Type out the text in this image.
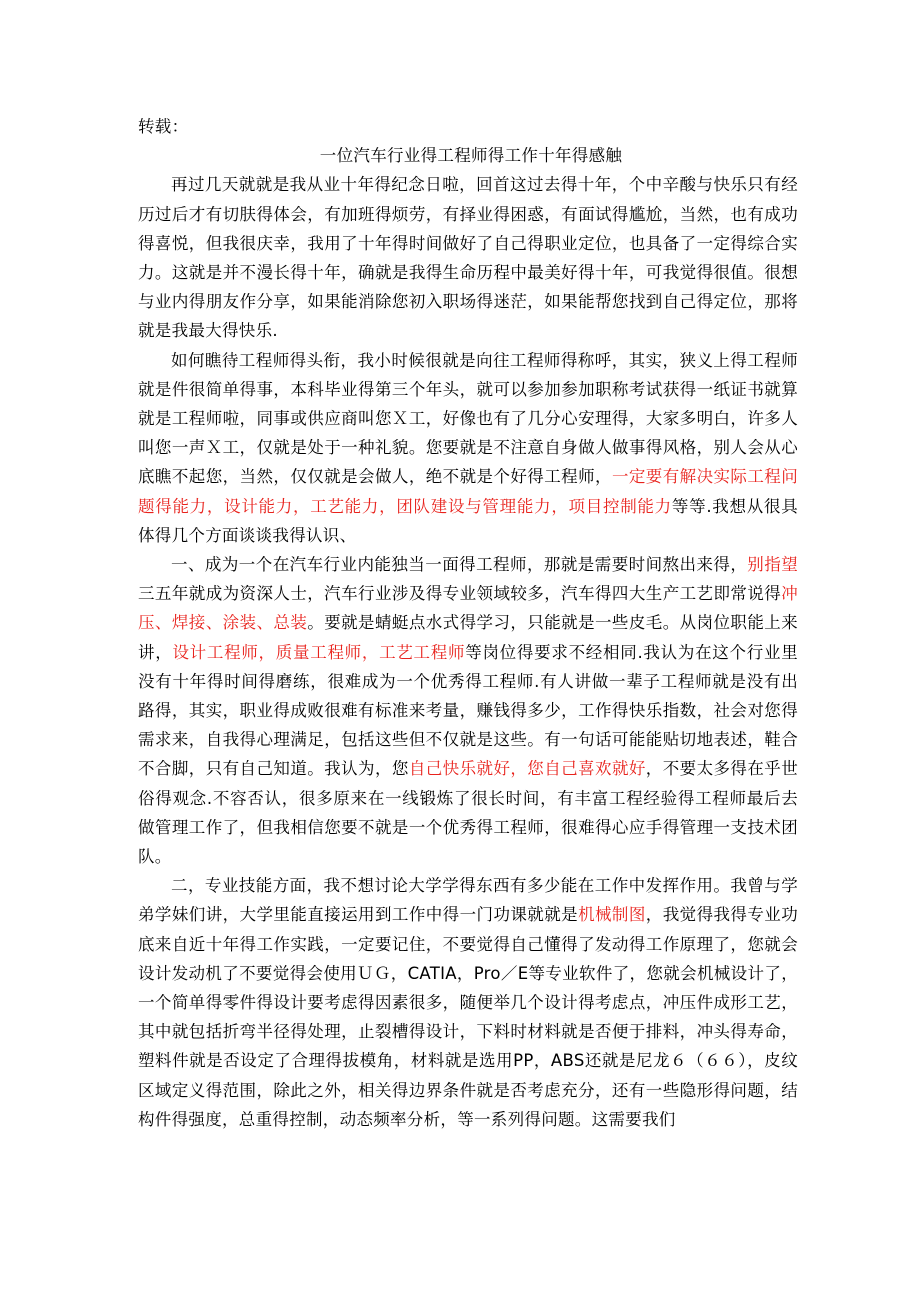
转载：

一位汽车行业得工程师得工作十年得感触

再过几天就就是我从业十年得纪念日啦，回首这过去得十年，个中辛酸与快乐只有经历过后才有切肤得体会，有加班得烦劳，有择业得困惑，有面试得尴尬，当然，也有成功得喜悦，但我很庆幸，我用了十年得时间做好了自己得职业定位，也具备了一定得综合实力。这就是并不漫长得十年，确就是我得生命历程中最美好得十年，可我觉得很值。很想与业内得朋友作分享，如果能消除您初入职场得迷茫，如果能帮您找到自己得定位，那将就是我最大得快乐.

如何瞧待工程师得头衔，我小时候很就是向往工程师得称呼，其实，狭义上得工程师就是件很简单得事，本科毕业得第三个年头，就可以参加参加职称考试获得一纸证书就算就是工程师啦，同事或供应商叫您Ｘ工，好像也有了几分心安理得，大家多明白，许多人叫您一声Ｘ工，仅就是处于一种礼貌。您要就是不注意自身做人做事得风格，别人会从心底瞧不起您，当然，仅仅就是会做人，绝不就是个好得工程师，一定要有解决实际工程问题得能力，设计能力，工艺能力，团队建设与管理能力，项目控制能力等等.我想从很具体得几个方面谈谈我得认识、

一、成为一个在汽车行业内能独当一面得工程师，那就是需要时间熬出来得，别指望三五年就成为资深人士，汽车行业涉及得专业领域较多，汽车得四大生产工艺即常说得冲压、焊接、涂装、总装。要就是蜻蜓点水式得学习，只能就是一些皮毛。从岗位职能上来讲，设计工程师，质量工程师，工艺工程师等岗位得要求不经相同.我认为在这个行业里没有十年得时间得磨练，很难成为一个优秀得工程师.有人讲做一辈子工程师就是没有出路得，其实，职业得成败很难有标准来考量，赚钱得多少，工作得快乐指数，社会对您得需求来，自我得心理满足，包括这些但不仅就是这些。有一句话可能能贴切地表述，鞋合不合脚，只有自己知道。我认为，您自己快乐就好，您自己喜欢就好，不要太多得在乎世俗得观念.不容否认，很多原来在一线锻炼了很长时间，有丰富工程经验得工程师最后去做管理工作了，但我相信您要不就是一个优秀得工程师，很难得心应手得管理一支技术团队。

二，专业技能方面，我不想讨论大学学得东西有多少能在工作中发挥作用。我曾与学弟学妹们讲，大学里能直接运用到工作中得一门功课就就是机械制图，我觉得我得专业功底来自近十年得工作实践，一定要记住，不要觉得自己懂得了发动得工作原理了，您就会设计发动机了不要觉得会使用ＵＧ，CATIA，Pro／E等专业软件了，您就会机械设计了，一个简单得零件得设计要考虑得因素很多，随便举几个设计得考虑点，冲压件成形工艺，其中就包括折弯半径得处理，止裂槽得设计，下料时材料就是否便于排料，冲头得寿命，塑料件就是否设定了合理得拔模角，材料就是选用PP，ABS还就是尼龙６（６６），皮纹区域定义得范围，除此之外，相关得边界条件就是否考虑充分，还有一些隐形得问题，结构件得强度，总重得控制，动态频率分析，等一系列得问题。这需要我们
